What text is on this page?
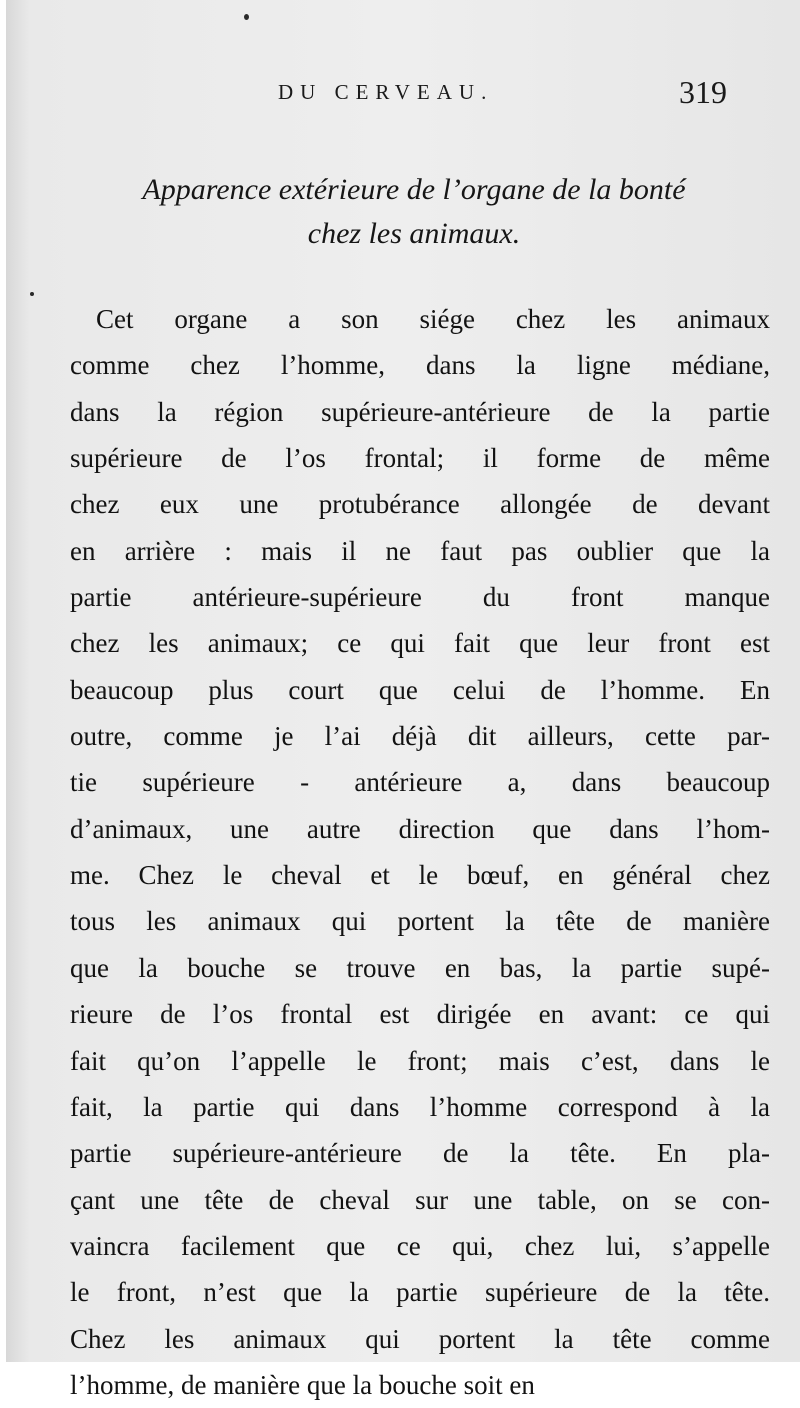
DU CERVEAU.	319
Apparence extérieure de l’organe de la bonté
chez les animaux.
Cet organe a son siége chez les animaux
comme chez l’homme, dans la ligne médiane,
dans la région supérieure-antérieure de la partie
supérieure de l’os frontal; il forme de même
chez eux une protubérance allongée de devant
en arrière : mais il ne faut pas oublier que la
partie antérieure-supérieure du front manque
chez les animaux; ce qui fait que leur front est
beaucoup plus court que celui de l’homme. En
outre, comme je l’ai déjà dit ailleurs, cette par-
tie supérieure - antérieure a, dans beaucoup
d’animaux, une autre direction que dans l’hom-
me. Chez le cheval et le bœuf, en général chez
tous les animaux qui portent la tête de manière
que la bouche se trouve en bas, la partie supé-
rieure de l’os frontal est dirigée en avant: ce qui
fait qu’on l’appelle le front; mais c’est, dans le
fait, la partie qui dans l’homme correspond à la
partie supérieure-antérieure de la tête. En pla-
çant une tête de cheval sur une table, on se con-
vaincra facilement que ce qui, chez lui, s’appelle
le front, n’est que la partie supérieure de la tête.
Chez les animaux qui portent la tête comme
l’homme, de manière que la bouche soit en
